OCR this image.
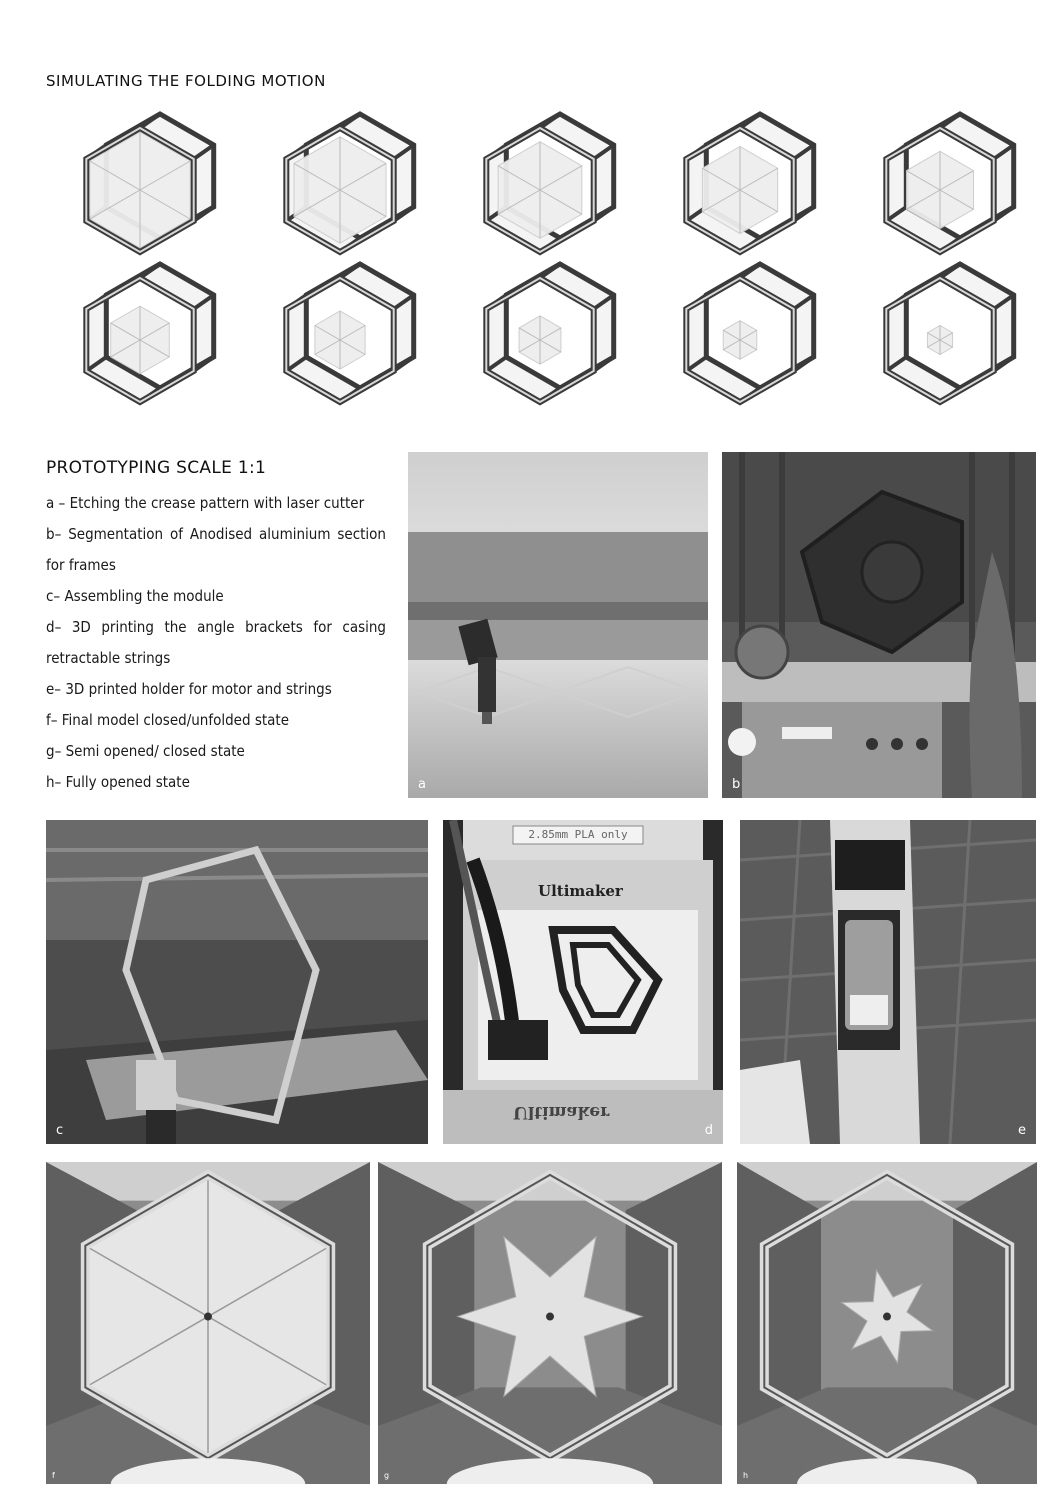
SIMULATING THE FOLDING MOTION
PROTOTYPING SCALE 1:1
a – Etching the crease pattern with laser cutter
b– Segmentation of Anodised aluminium section for frames
c– Assembling the module
d– 3D printing the angle brackets for casing retractable strings
e– 3D printed holder for motor and strings
f– Final model closed/unfolded state
g– Semi opened/ closed state
h– Fully opened state	a	b
c
2.85mm PLA only
Ultimaker
Ultimaker
d	e
f	g	h
